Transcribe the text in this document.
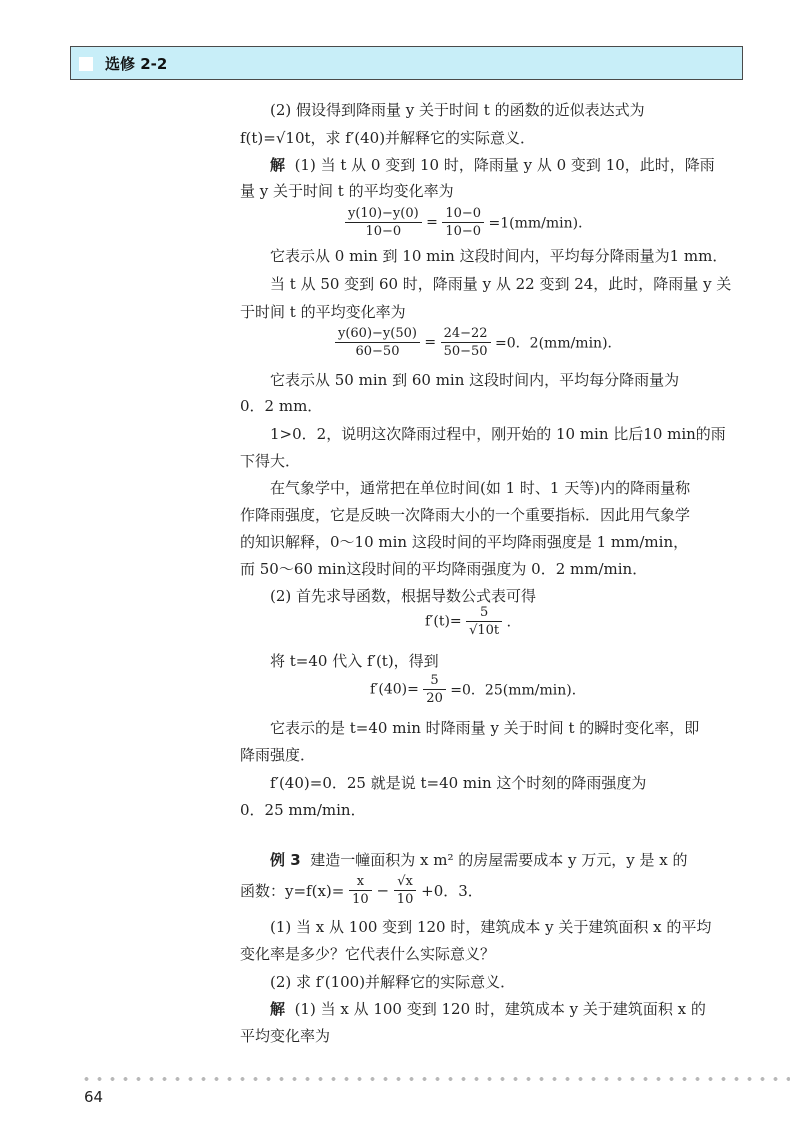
选修 2-2
(2) 假设得到降雨量 y 关于时间 t 的函数的近似表达式为
f(t)=√10t，求 f′(40)并解释它的实际意义．
解 (1) 当 t 从 0 变到 10 时，降雨量 y 从 0 变到 10，此时，降雨
量 y 关于时间 t 的平均变化率为
$\frac{y(10)-y(0)}{10-0} = \frac{10-0}{10-0} =1(mm/\min)$．
它表示从 0 min 到 10 min 这段时间内，平均每分降雨量为1 mm．
当 t 从 50 变到 60 时，降雨量 y 从 22 变到 24，此时，降雨量 y 关
于时间 t 的平均变化率为
$\frac{y(60)-y(50)}{60-50} = \frac{24-22}{50-50} =0$．2(mm/min)．
它表示从 50 min 到 60 min 这段时间内，平均每分降雨量为
0．2 mm．
1>0．2，说明这次降雨过程中，刚开始的 10 min 比后10 min的雨
下得大．
在气象学中，通常把在单位时间(如 1 时、1 天等)内的降雨量称
作降雨强度，它是反映一次降雨大小的一个重要指标．因此用气象学
的知识解释，0～10 min 这段时间的平均降雨强度是 1 mm/min，
而 50～60 min这段时间的平均降雨强度为 0．2 mm/min．
(2) 首先求导函数，根据导数公式表可得
$f'(t)= \frac{5}{√10t}$ ．
将 t=40 代入 f′(t)，得到
$f'(40)= \frac{5}{20} =0$．25(mm/min)．
它表示的是 t=40 min 时降雨量 y 关于时间 t 的瞬时变化率，即
降雨强度．
f′(40)=0．25 就是说 t=40 min 这个时刻的降雨强度为
0．25 mm/min．
例 3 建造一幢面积为 x m² 的房屋需要成本 y 万元，y 是 x 的
函数：$y=f(x)= \frac{x}{10} - \frac{√x}{10} +0$．3．
(1) 当 x 从 100 变到 120 时，建筑成本 y 关于建筑面积 x 的平均
变化率是多少？它代表什么实际意义？
(2) 求 f′(100)并解释它的实际意义．
解 (1) 当 x 从 100 变到 120 时，建筑成本 y 关于建筑面积 x 的
平均变化率为
64
